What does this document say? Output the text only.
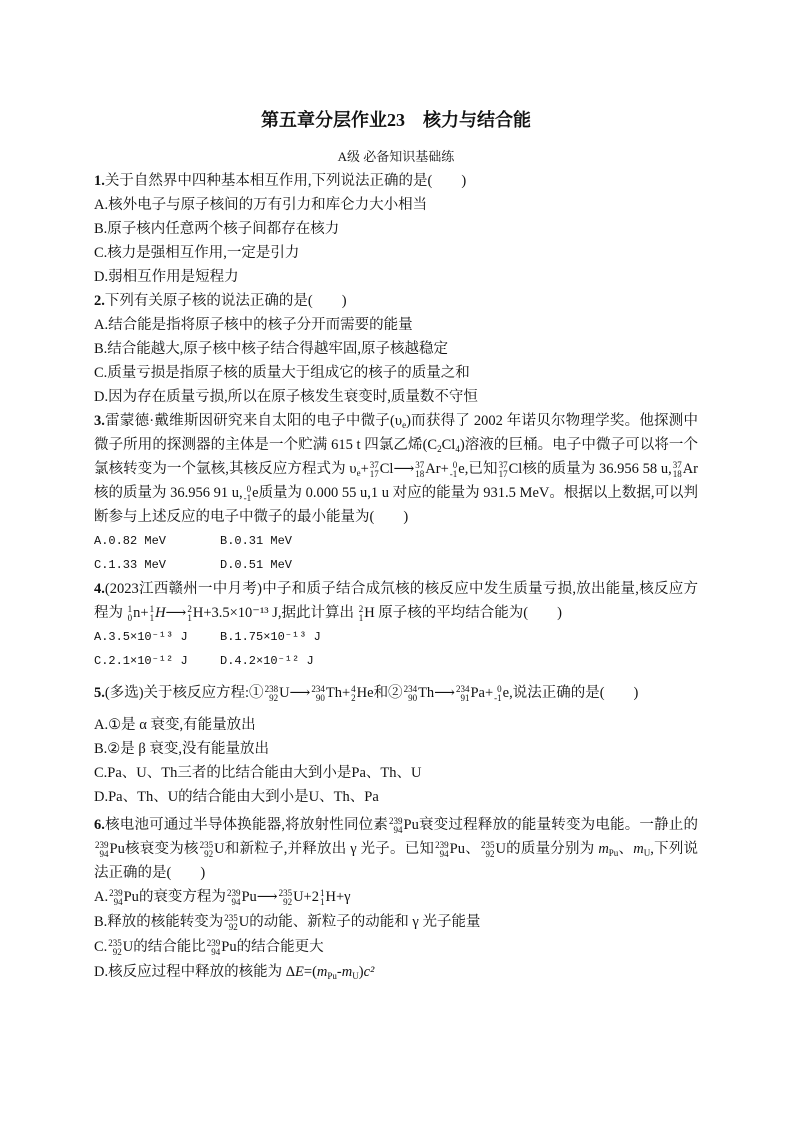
第五章分层作业23　核力与结合能
A级 必备知识基础练

1.关于自然界中四种基本相互作用,下列说法正确的是(　　)

A.核外电子与原子核间的万有引力和库仑力大小相当

B.原子核内任意两个核子间都存在核力

C.核力是强相互作用,一定是引力

D.弱相互作用是短程力

2.下列有关原子核的说法正确的是(　　)

A.结合能是指将原子核中的核子分开而需要的能量

B.结合能越大,原子核中核子结合得越牢固,原子核越稳定

C.质量亏损是指原子核的质量大于组成它的核子的质量之和

D.因为存在质量亏损,所以在原子核发生衰变时,质量数不守恒

3.雷蒙德·戴维斯因研究来自太阳的电子中微子$(\upsilon_e)$而获得了 2002 年诺贝尔物理学奖。他探测中微子所用的探测器的主体是一个贮满 615 t 四氯乙烯$(C_2Cl_4)$溶液的巨桶。电子中微子可以将一个氯核转变为一个氩核,其核反应方程式为 $\upsilon_e+ 37$
17 Cl⟶ 37
18 Ar+ 0
-1 e,已知 37
17 Cl核的质量为 36.956 58 u, 37
18 Ar核的质量为 36.956 91 u, 0
-1 e质量为 0.000 55 u,1 u 对应的能量为 931.5 MeV。根据以上数据,可以判断参与上述反应的电子中微子的最小能量为(　　)

A.0.82 MeV	B.0.31 MeV
C.1.33 MeV	D.0.51 MeV

4.(2023江西赣州一中月考)中子和质子结合成氘核的核反应中发生质量亏损,放出能量,核反应方程为 1
0 n+ 1
1 H⟶ 2
1 H+3.5×10⁻¹³ J,据此计算出 2
1 H 原子核的平均结合能为(　　)

A.3.5×10⁻¹³ J	B.1.75×10⁻¹³ J
C.2.1×10⁻¹² J	D.4.2×10⁻¹² J

5.(多选)关于核反应方程:① 238
92 U⟶ 234
90 Th+ 4
2 He和② 234
90 Th⟶ 234
91 Pa+ 0
-1 e,说法正确的是(　　)

A.①是 α 衰变,有能量放出

B.②是 β 衰变,没有能量放出

C.Pa、U、Th三者的比结合能由大到小是Pa、Th、U

D.Pa、Th、U的结合能由大到小是U、Th、Pa

6.核电池可通过半导体换能器,将放射性同位素 239
94 Pu衰变过程释放的能量转变为电能。一静止的
239
94 Pu核衰变为核 235
92 U和新粒子,并释放出 γ 光子。已知 239
94 Pu、 235
92 U的质量分别为 $m_{Pu}$、$m_U$,下列说法正确的是(　　)

A. 239
94 Pu的衰变方程为 239
94 Pu⟶ 235
92 U+2 1
1 H+γ

B.释放的核能转变为 235
92 U的动能、新粒子的动能和 γ 光子能量

C. 235
92 U的结合能比 239
94 Pu的结合能更大

D.核反应过程中释放的核能为 $\Delta E=(m_{Pu}-m_U)c^2$
